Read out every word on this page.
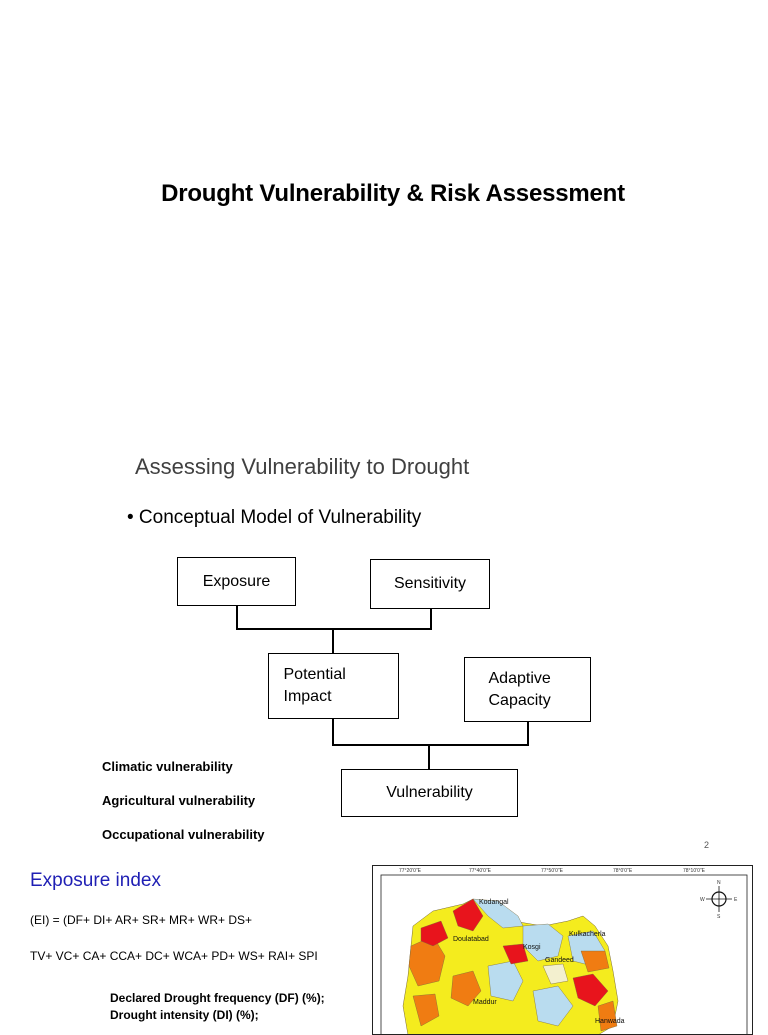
Drought Vulnerability & Risk Assessment
Assessing Vulnerability to Drought
• Conceptual Model of Vulnerability
Exposure	Sensitivity
Potential
Impact
Adaptive
Capacity
Vulnerability
Climatic vulnerability
Agricultural vulnerability
Occupational vulnerability
2
Exposure index
(EI) = (DF+ DI+ AR+ SR+ MR+ WR+ DS+
TV+ VC+ CA+ CCA+ DC+ WCA+ PD+ WS+ RAI+ SPI
Declared Drought frequency (DF) (%);
Drought intensity (DI) (%);
77°20'0"E	77°40'0"E	77°50'0"E	78°0'0"E	78°10'0"E
Kodangal
Doulatabad
Kulkacherla
Kosgi
Gandeed
Maddur
Hanwada
N
E
S
W
